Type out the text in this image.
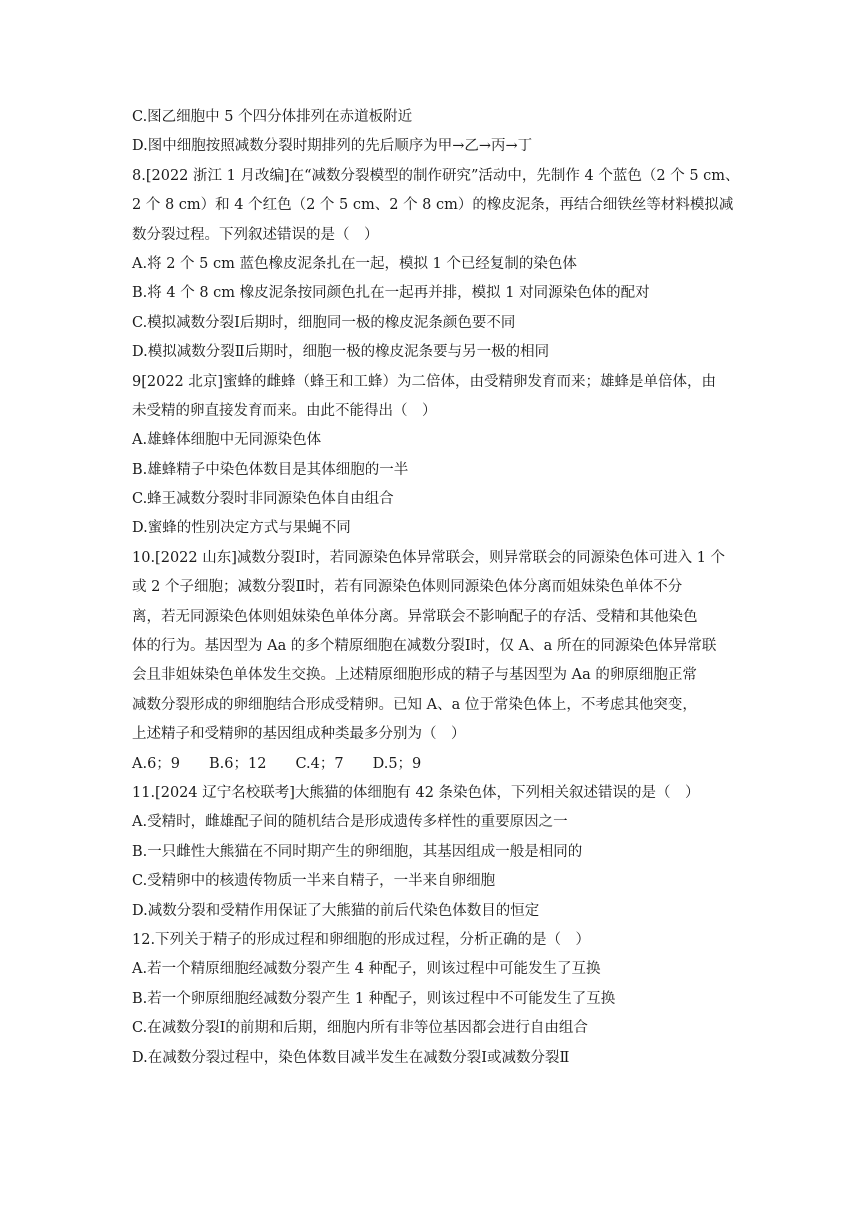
C.图乙细胞中 5 个四分体排列在赤道板附近
D.图中细胞按照减数分裂时期排列的先后顺序为甲→乙→丙→丁
8.[2022 浙江 1 月改编]在“减数分裂模型的制作研究”活动中，先制作 4 个蓝色（2 个 5 cm、
2 个 8 cm）和 4 个红色（2 个 5 cm、2 个 8 cm）的橡皮泥条，再结合细铁丝等材料模拟减
数分裂过程。下列叙述错误的是（　）
A.将 2 个 5 cm 蓝色橡皮泥条扎在一起，模拟 1 个已经复制的染色体
B.将 4 个 8 cm 橡皮泥条按同颜色扎在一起再并排，模拟 1 对同源染色体的配对
C.模拟减数分裂Ⅰ后期时，细胞同一极的橡皮泥条颜色要不同
D.模拟减数分裂Ⅱ后期时，细胞一极的橡皮泥条要与另一极的相同
9[2022 北京]蜜蜂的雌蜂（蜂王和工蜂）为二倍体，由受精卵发育而来；雄蜂是单倍体，由
未受精的卵直接发育而来。由此不能得出（　）
A.雄蜂体细胞中无同源染色体
B.雄蜂精子中染色体数目是其体细胞的一半
C.蜂王减数分裂时非同源染色体自由组合
D.蜜蜂的性别决定方式与果蝇不同
10.[2022 山东]减数分裂Ⅰ时，若同源染色体异常联会，则异常联会的同源染色体可进入 1 个
或 2 个子细胞；减数分裂Ⅱ时，若有同源染色体则同源染色体分离而姐妹染色单体不分
离，若无同源染色体则姐妹染色单体分离。异常联会不影响配子的存活、受精和其他染色
体的行为。基因型为 Aa 的多个精原细胞在减数分裂Ⅰ时，仅 A、a 所在的同源染色体异常联
会且非姐妹染色单体发生交换。上述精原细胞形成的精子与基因型为 Aa 的卵原细胞正常
减数分裂形成的卵细胞结合形成受精卵。已知 A、a 位于常染色体上，不考虑其他突变，
上述精子和受精卵的基因组成种类最多分别为（　）
A.6；9　　B.6；12　　C.4；7　　D.5；9
11.[2024 辽宁名校联考]大熊猫的体细胞有 42 条染色体，下列相关叙述错误的是（　）
A.受精时，雌雄配子间的随机结合是形成遗传多样性的重要原因之一
B.一只雌性大熊猫在不同时期产生的卵细胞，其基因组成一般是相同的
C.受精卵中的核遗传物质一半来自精子，一半来自卵细胞
D.减数分裂和受精作用保证了大熊猫的前后代染色体数目的恒定
12.下列关于精子的形成过程和卵细胞的形成过程，分析正确的是（　）
A.若一个精原细胞经减数分裂产生 4 种配子，则该过程中可能发生了互换
B.若一个卵原细胞经减数分裂产生 1 种配子，则该过程中不可能发生了互换
C.在减数分裂Ⅰ的前期和后期，细胞内所有非等位基因都会进行自由组合
D.在减数分裂过程中，染色体数目减半发生在减数分裂Ⅰ或减数分裂Ⅱ
